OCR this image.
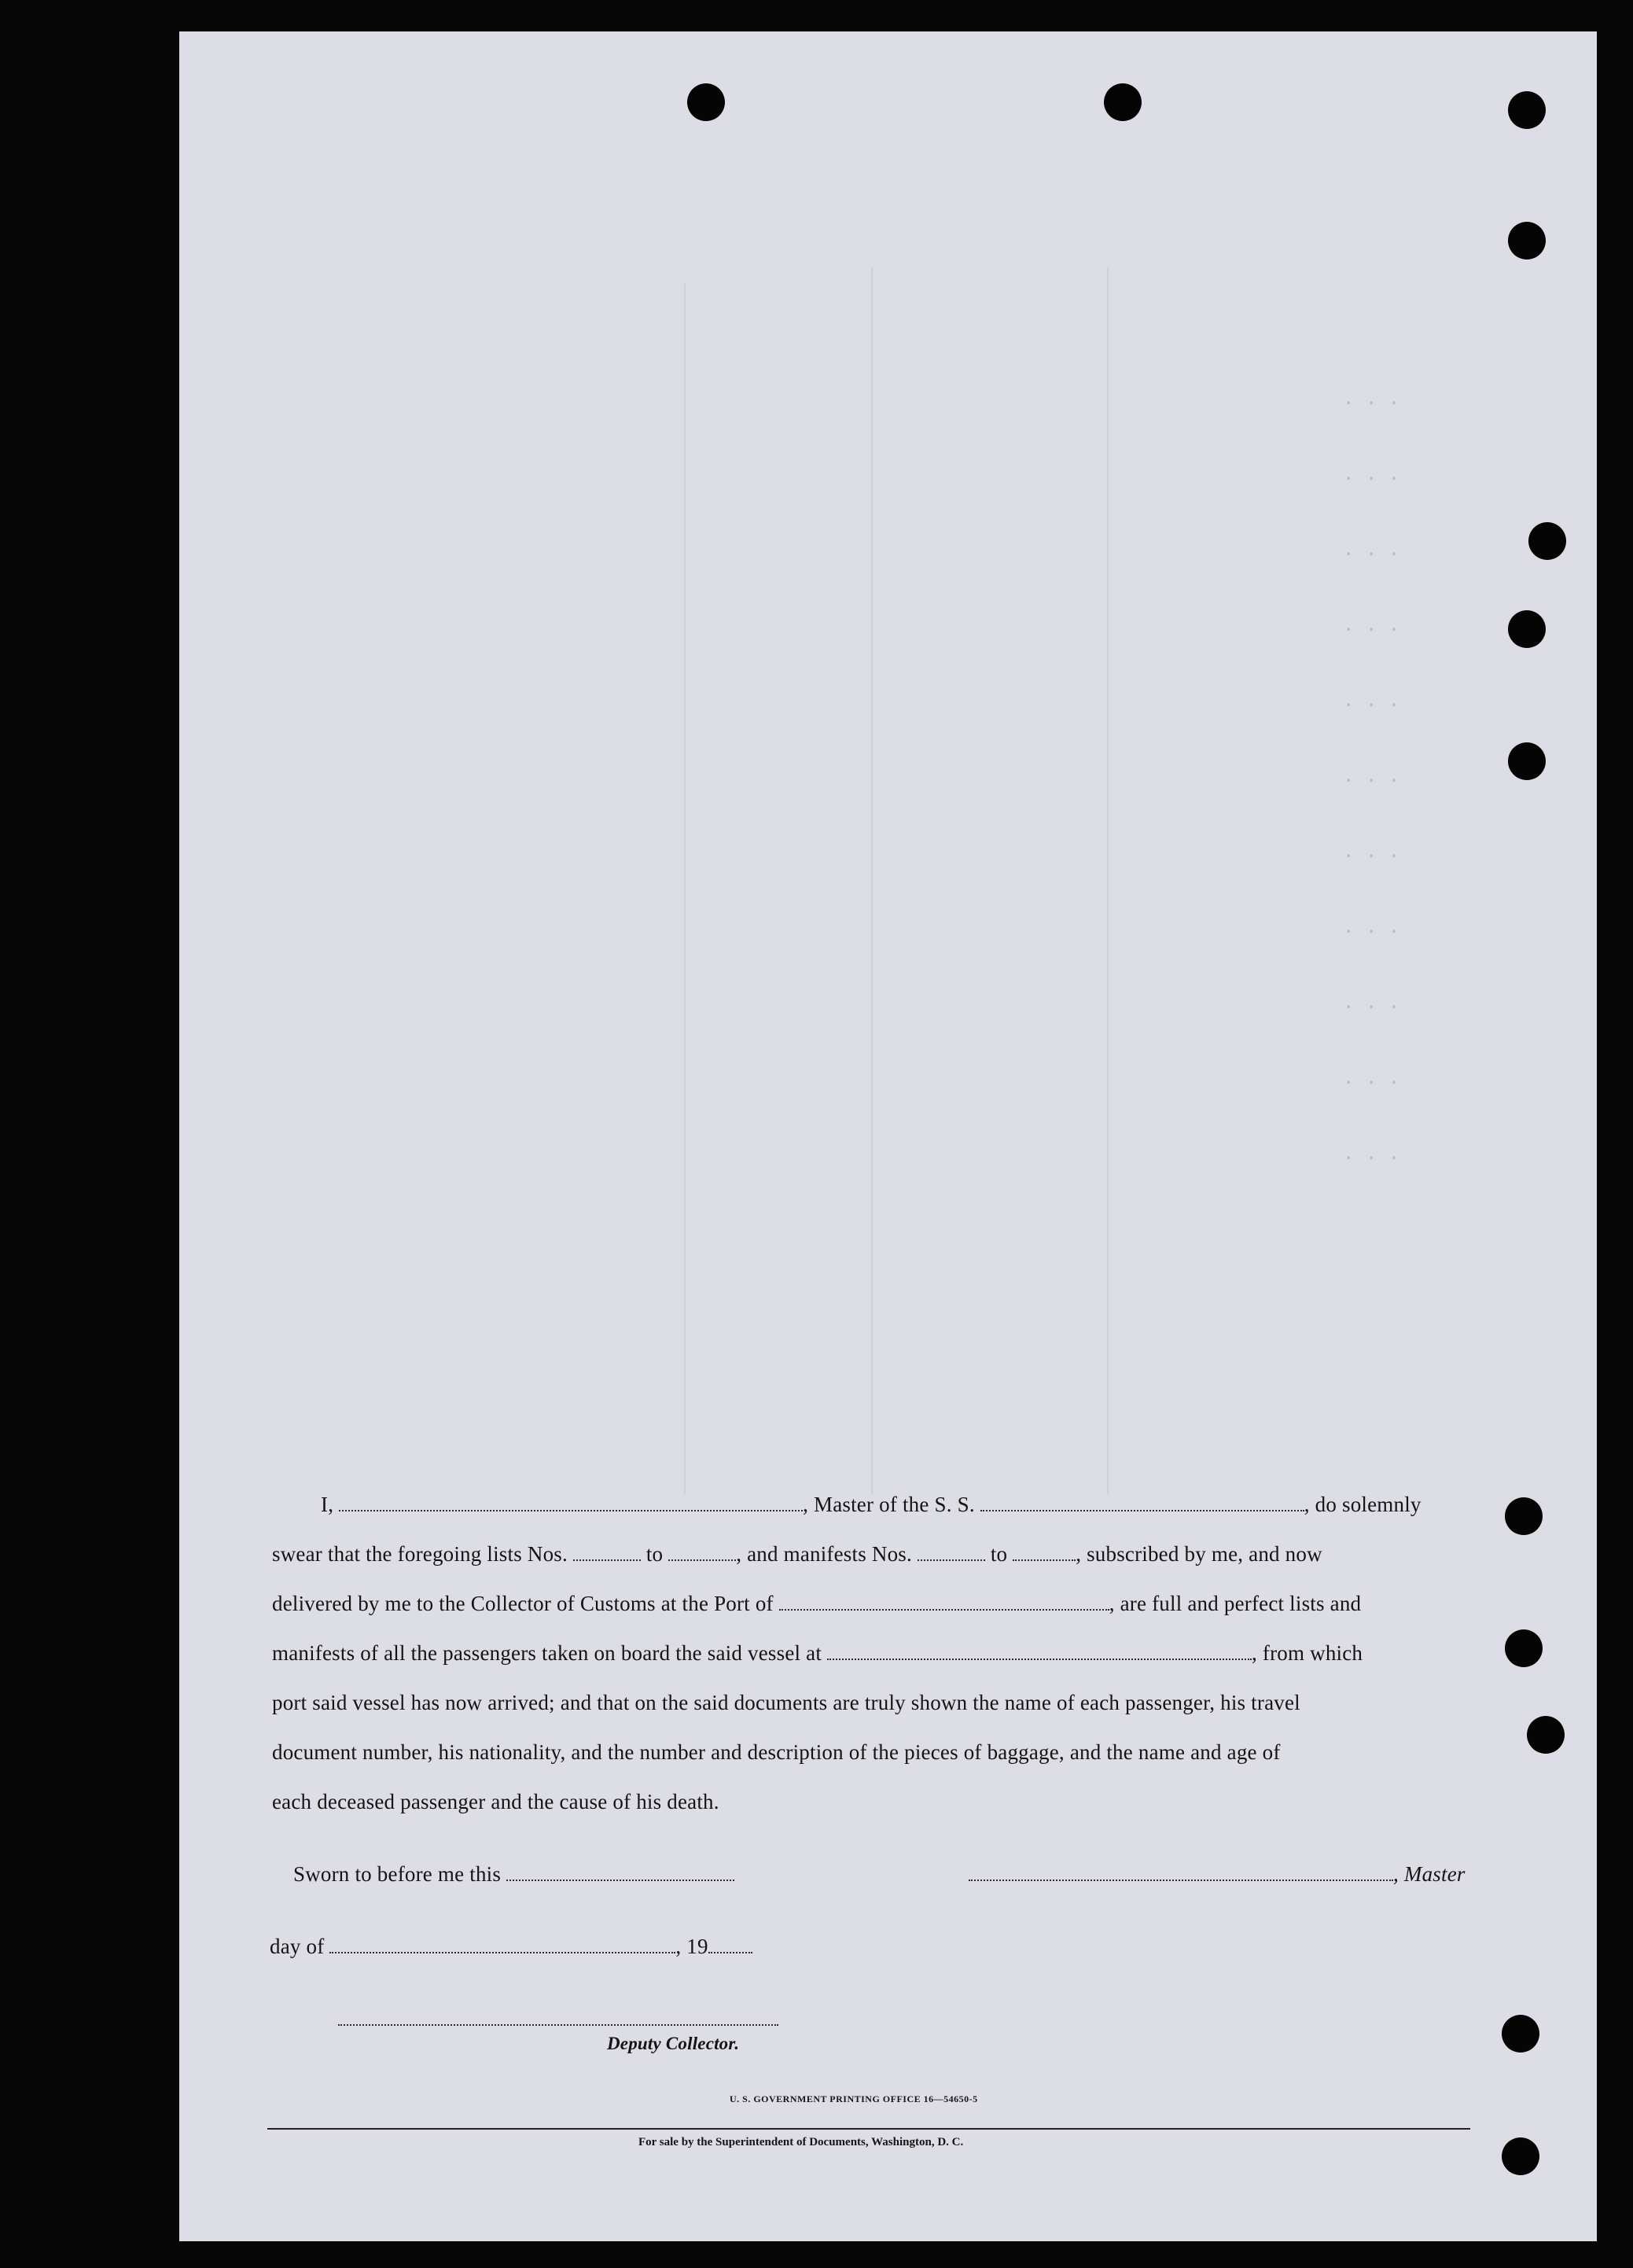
. . .
. . .
. . .
. . .
. . .
. . .
. . .
. . .
. . .
. . .
. . .
I,	, Master of the S. S.	, do solemnly
swear that the foregoing lists Nos.	to	, and manifests Nos.	to	, subscribed by me, and now
delivered by me to the Collector of Customs at the Port of	, are full and perfect lists and
manifests of all the passengers taken on board the said vessel at	, from which
port said vessel has now arrived; and that on the said documents are truly shown the name of each passenger, his travel
document number, his nationality, and the number and description of the pieces of baggage, and the name and age of
each deceased passenger and the cause of his death.
Sworn to before me this	, Master
day of	, 19
Deputy Collector.
U. S. GOVERNMENT PRINTING OFFICE 16—54650-5
For sale by the Superintendent of Documents, Washington, D. C.
